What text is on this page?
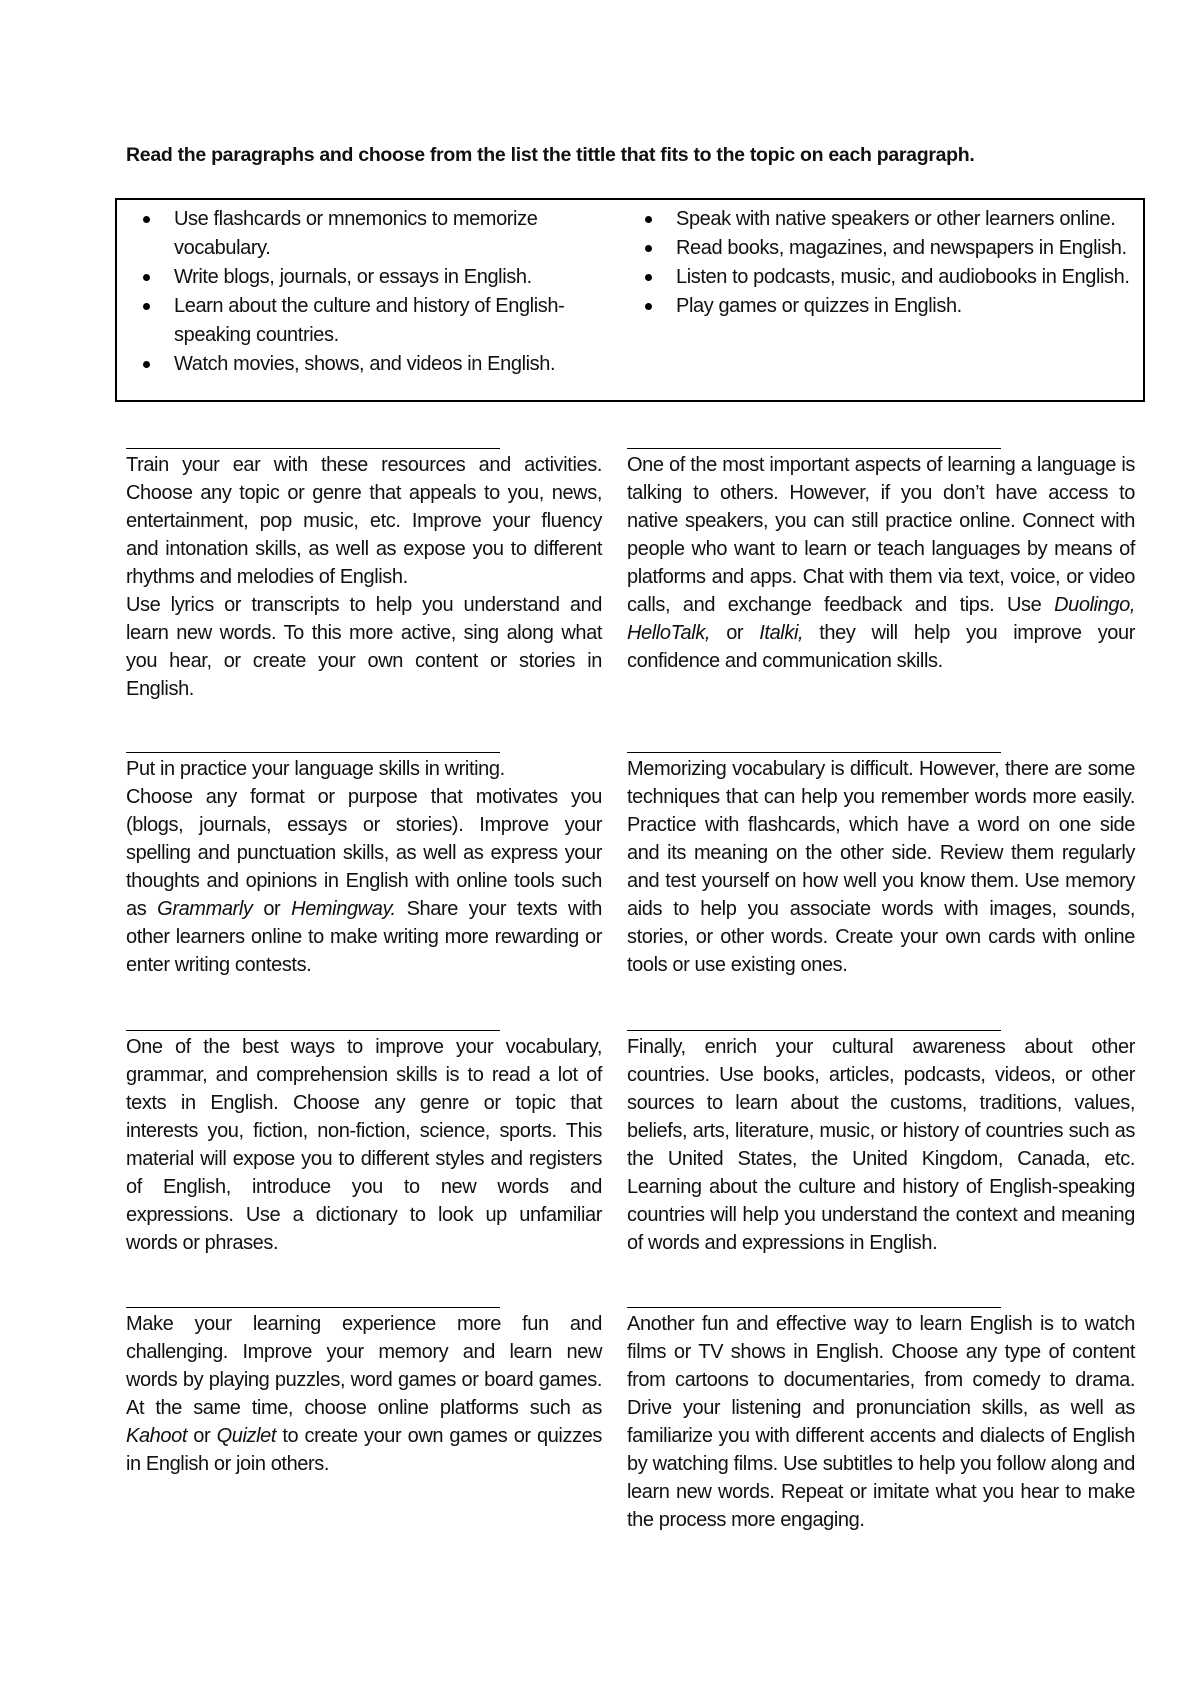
Read the paragraphs and choose from the list the tittle that fits to the topic on each paragraph.

Use flashcards or mnemonics to memorize vocabulary.
Write blogs, journals, or essays in English.
Learn about the culture and history of English-speaking countries.
Watch movies, shows, and videos in English.
Speak with native speakers or other learners online.
Read books, magazines, and newspapers in English.
Listen to podcasts, music, and audiobooks in English.
Play games or quizzes in English.

Train your ear with these resources and activities. Choose any topic or genre that appeals to you, news, entertainment, pop music, etc. Improve your fluency and intonation skills, as well as expose you to different rhythms and melodies of English.

Use lyrics or transcripts to help you understand and learn new words. To this more active, sing along what you hear, or create your own content or stories in English.

One of the most important aspects of learning a language is talking to others. However, if you don’t have access to native speakers, you can still practice online. Connect with people who want to learn or teach languages by means of platforms and apps. Chat with them via text, voice, or video calls, and exchange feedback and tips. Use Duolingo, HelloTalk, or Italki, they will help you improve your confidence and communication skills.

Put in practice your language skills in writing.

Choose any format or purpose that motivates you (blogs, journals, essays or stories). Improve your spelling and punctuation skills, as well as express your thoughts and opinions in English with online tools such as Grammarly or Hemingway. Share your texts with other learners online to make writing more rewarding or enter writing contests.

Memorizing vocabulary is difficult. However, there are some techniques that can help you remember words more easily. Practice with flashcards, which have a word on one side and its meaning on the other side. Review them regularly and test yourself on how well you know them. Use memory aids to help you associate words with images, sounds, stories, or other words. Create your own cards with online tools or use existing ones.

One of the best ways to improve your vocabulary, grammar, and comprehension skills is to read a lot of texts in English. Choose any genre or topic that interests you, fiction, non-fiction, science, sports. This material will expose you to different styles and registers of English, introduce you to new words and expressions. Use a dictionary to look up unfamiliar words or phrases.

Finally, enrich your cultural awareness about other countries. Use books, articles, podcasts, videos, or other sources to learn about the customs, traditions, values, beliefs, arts, literature, music, or history of countries such as the United States, the United Kingdom, Canada, etc. Learning about the culture and history of English-speaking countries will help you understand the context and meaning of words and expressions in English.

Make your learning experience more fun and challenging. Improve your memory and learn new words by playing puzzles, word games or board games. At the same time, choose online platforms such as Kahoot or Quizlet to create your own games or quizzes in English or join others.

Another fun and effective way to learn English is to watch films or TV shows in English. Choose any type of content from cartoons to documentaries, from comedy to drama. Drive your listening and pronunciation skills, as well as familiarize you with different accents and dialects of English by watching films. Use subtitles to help you follow along and learn new words. Repeat or imitate what you hear to make the process more engaging.
